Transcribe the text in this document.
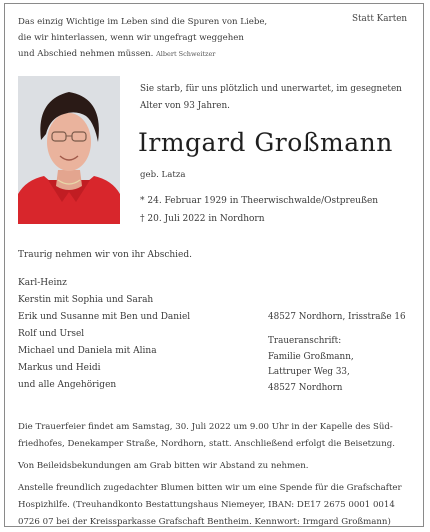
Das einzig Wichtige im Leben sind die Spuren von Liebe,
die wir hinterlassen, wenn wir ungefragt weggehen
und Abschied nehmen müssen. Albert Schweitzer
Statt Karten
Sie starb, für uns plötzlich und unerwartet, im gesegneten
Alter von 93 Jahren.
Irmgard Großmann
geb. Latza
* 24. Februar 1929 in Theerwischwalde/Ostpreußen
† 20. Juli 2022 in Nordhorn
Traurig nehmen wir von ihr Abschied.
Karl-Heinz
Kerstin mit Sophia und Sarah
Erik und Susanne mit Ben und Daniel
Rolf und Ursel
Michael und Daniela mit Alina
Markus und Heidi
und alle Angehörigen
48527 Nordhorn, Irisstraße 16
Traueranschrift:
Familie Großmann,
Lattruper Weg 33,
48527 Nordhorn
Die Trauerfeier findet am Samstag, 30. Juli 2022 um 9.00 Uhr in der Kapelle des Süd-
friedhofes, Denekamper Straße, Nordhorn, statt. Anschließend erfolgt die Beisetzung.
Von Beileidsbekundungen am Grab bitten wir Abstand zu nehmen.
Anstelle freundlich zugedachter Blumen bitten wir um eine Spende für die Grafschafter
Hospizhilfe. (Treuhandkonto Bestattungshaus Niemeyer, IBAN: DE17 2675 0001 0014
0726 07 bei der Kreissparkasse Grafschaft Bentheim. Kennwort: Irmgard Großmann)
